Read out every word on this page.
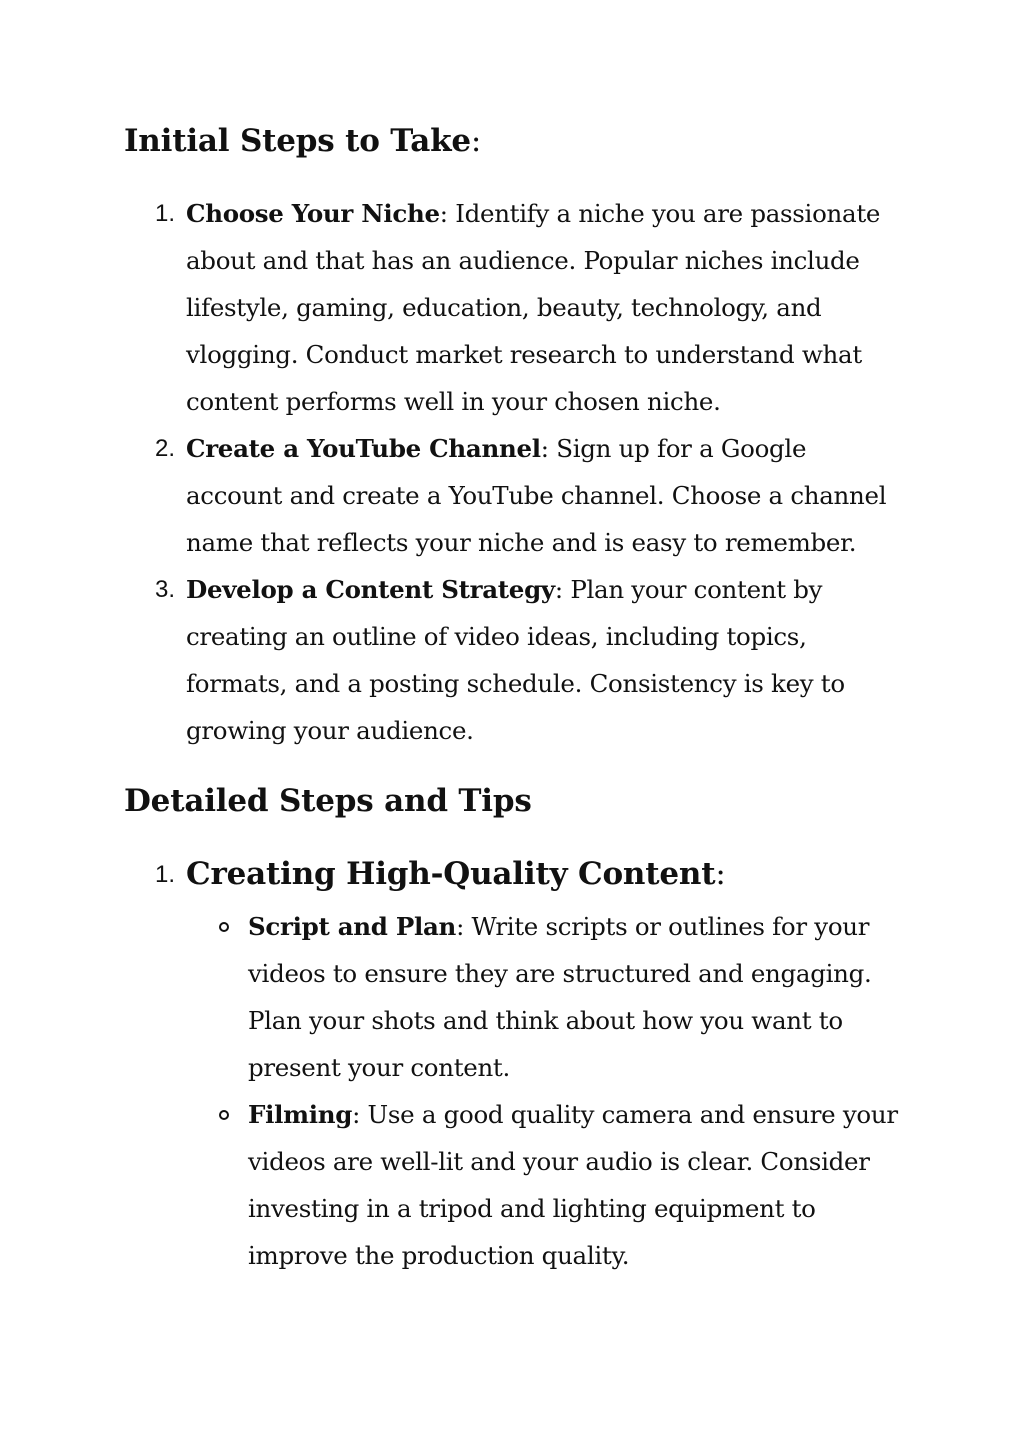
Initial Steps to Take:
1. Choose Your Niche: Identify a niche you are passionate
about and that has an audience. Popular niches include
lifestyle, gaming, education, beauty, technology, and
vlogging. Conduct market research to understand what
content performs well in your chosen niche.
2. Create a YouTube Channel: Sign up for a Google
account and create a YouTube channel. Choose a channel
name that reflects your niche and is easy to remember.
3. Develop a Content Strategy: Plan your content by
creating an outline of video ideas, including topics,
formats, and a posting schedule. Consistency is key to
growing your audience.
Detailed Steps and Tips
1. Creating High-Quality Content:
Script and Plan: Write scripts or outlines for your
videos to ensure they are structured and engaging.
Plan your shots and think about how you want to
present your content.
Filming: Use a good quality camera and ensure your
videos are well-lit and your audio is clear. Consider
investing in a tripod and lighting equipment to
improve the production quality.
